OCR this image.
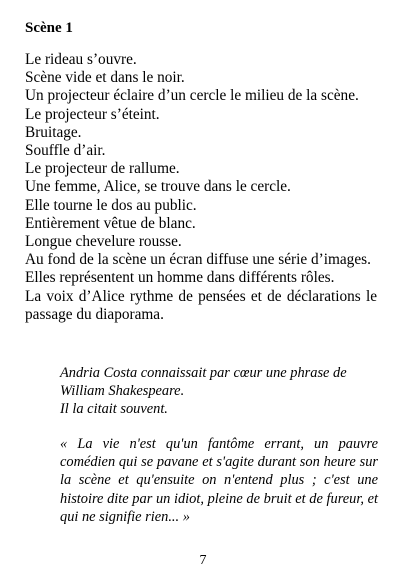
Scène 1
Le rideau s’ouvre.
Scène vide et dans le noir.
Un projecteur éclaire d’un cercle le milieu de la scène.
Le projecteur s’éteint.
Bruitage.
Souffle d’air.
Le projecteur de rallume.
Une femme, Alice, se trouve dans le cercle.
Elle tourne le dos au public.
Entièrement vêtue de blanc.
Longue chevelure rousse.
Au fond de la scène un écran diffuse une série d’images.
Elles représentent un homme dans différents rôles.
La voix d’Alice rythme de pensées et de déclarations le passage du diaporama.
Andria Costa connaissait par cœur une phrase de William Shakespeare.
Il la citait souvent.

« La vie n'est qu'un fantôme errant, un pauvre comédien qui se pavane et s'agite durant son heure sur la scène et qu'ensuite on n'entend plus ; c'est une histoire dite par un idiot, pleine de bruit et de fureur, et qui ne signifie rien... »

7
